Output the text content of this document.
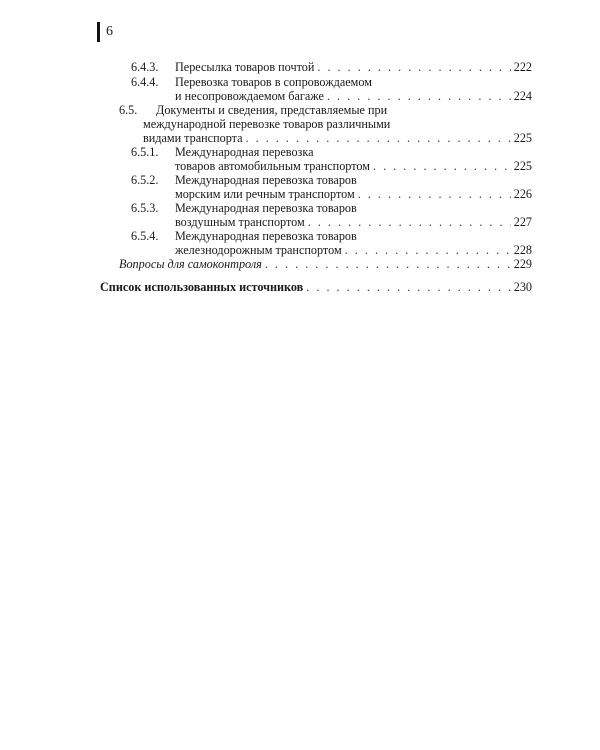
6
6.4.3. Пересылка товаров почтой . . .	222
6.4.4. Перевозка товаров в сопровождаемом
и несопровождаемом багаже . . .	224
6.5. Документы и сведения, представляемые при
международной перевозке товаров различными
видами транспорта . . .	225
6.5.1. Международная перевозка
товаров автомобильным транспортом . . .	225
6.5.2. Международная перевозка товаров
морским или речным транспортом . . .	226
6.5.3. Международная перевозка товаров
воздушным транспортом . . .	227
6.5.4. Международная перевозка товаров
железнодорожным транспортом . . .	228
Вопросы для самоконтроля . . .	229
Список использованных источников . . .	230
